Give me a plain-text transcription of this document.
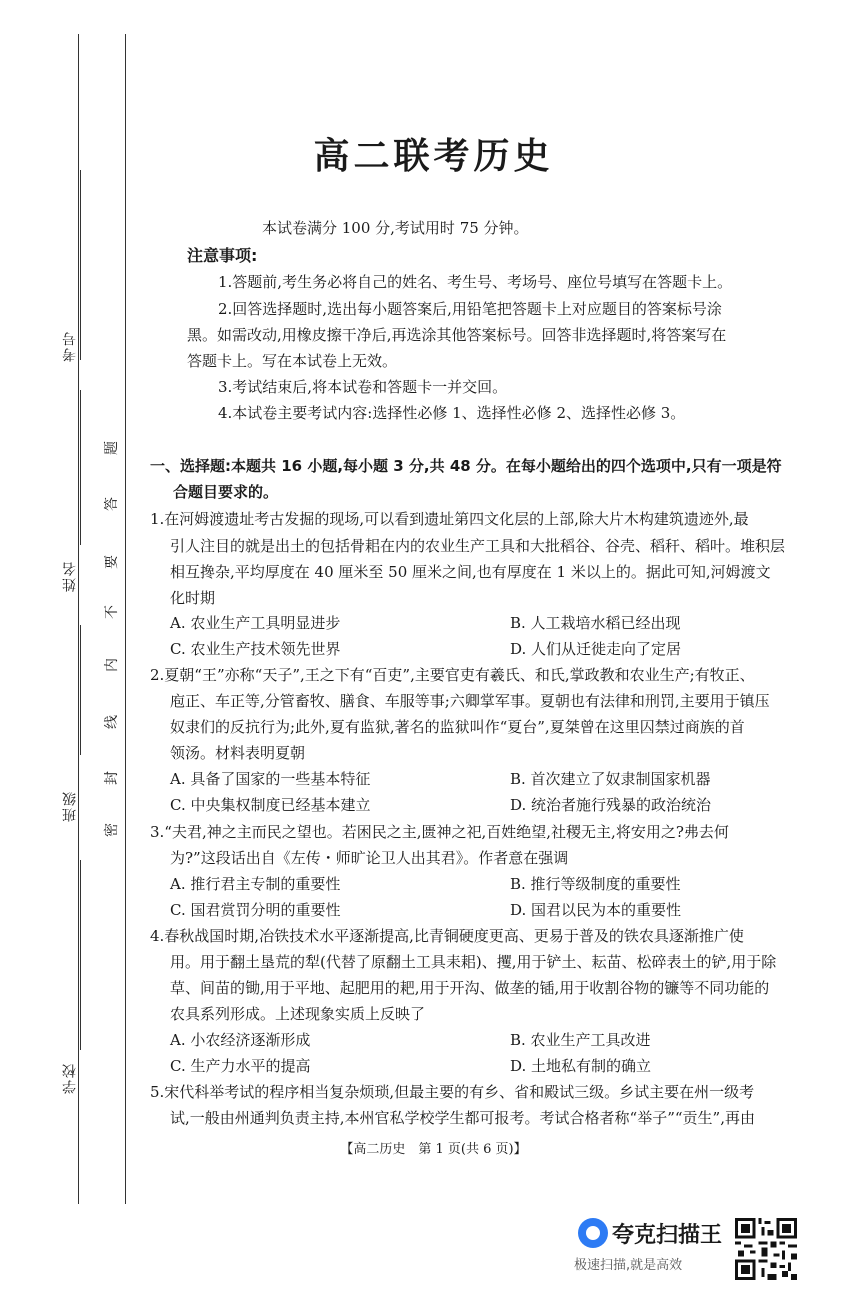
考号
姓名
班级
学校
题
答
要
不
内
线
封
密
高二联考历史
本试卷满分 100 分,考试用时 75 分钟。
注意事项:
1.答题前,考生务必将自己的姓名、考生号、考场号、座位号填写在答题卡上。
2.回答选择题时,选出每小题答案后,用铅笔把答题卡上对应题目的答案标号涂
黑。如需改动,用橡皮擦干净后,再选涂其他答案标号。回答非选择题时,将答案写在
答题卡上。写在本试卷上无效。
3.考试结束后,将本试卷和答题卡一并交回。
4.本试卷主要考试内容:选择性必修 1、选择性必修 2、选择性必修 3。
一、选择题:本题共 16 小题,每小题 3 分,共 48 分。在每小题给出的四个选项中,只有一项是符
合题目要求的。
1.在河姆渡遗址考古发掘的现场,可以看到遗址第四文化层的上部,除大片木构建筑遗迹外,最
引人注目的就是出土的包括骨耜在内的农业生产工具和大批稻谷、谷壳、稻秆、稻叶。堆积层
相互搀杂,平均厚度在 40 厘米至 50 厘米之间,也有厚度在 1 米以上的。据此可知,河姆渡文
化时期
A. 农业生产工具明显进步	B. 人工栽培水稻已经出现
C. 农业生产技术领先世界	D. 人们从迁徙走向了定居
2.夏朝“王”亦称“天子”,王之下有“百吏”,主要官吏有羲氏、和氏,掌政教和农业生产;有牧正、
庖正、车正等,分管畜牧、膳食、车服等事;六卿掌军事。夏朝也有法律和刑罚,主要用于镇压
奴隶们的反抗行为;此外,夏有监狱,著名的监狱叫作“夏台”,夏桀曾在这里囚禁过商族的首
领汤。材料表明夏朝
A. 具备了国家的一些基本特征	B. 首次建立了奴隶制国家机器
C. 中央集权制度已经基本建立	D. 统治者施行残暴的政治统治
3.“夫君,神之主而民之望也。若困民之主,匮神之祀,百姓绝望,社稷无主,将安用之?弗去何
为?”这段话出自《左传・师旷论卫人出其君》。作者意在强调
A. 推行君主专制的重要性	B. 推行等级制度的重要性
C. 国君赏罚分明的重要性	D. 国君以民为本的重要性
4.春秋战国时期,冶铁技术水平逐渐提高,比青铜硬度更高、更易于普及的铁农具逐渐推广使
用。用于翻土垦荒的犁(代替了原翻土工具耒耜)、攫,用于铲土、耘苗、松碎表土的铲,用于除
草、间苗的锄,用于平地、起肥用的耙,用于开沟、做垄的锸,用于收割谷物的镰等不同功能的
农具系列形成。上述现象实质上反映了
A. 小农经济逐渐形成	B. 农业生产工具改进
C. 生产力水平的提高	D. 土地私有制的确立
5.宋代科举考试的程序相当复杂烦琐,但最主要的有乡、省和殿试三级。乡试主要在州一级考
试,一般由州通判负责主持,本州官私学校学生都可报考。考试合格者称“举子”“贡生”,再由
【高二历史　第 1 页(共 6 页)】
夸克扫描王
极速扫描,就是高效
